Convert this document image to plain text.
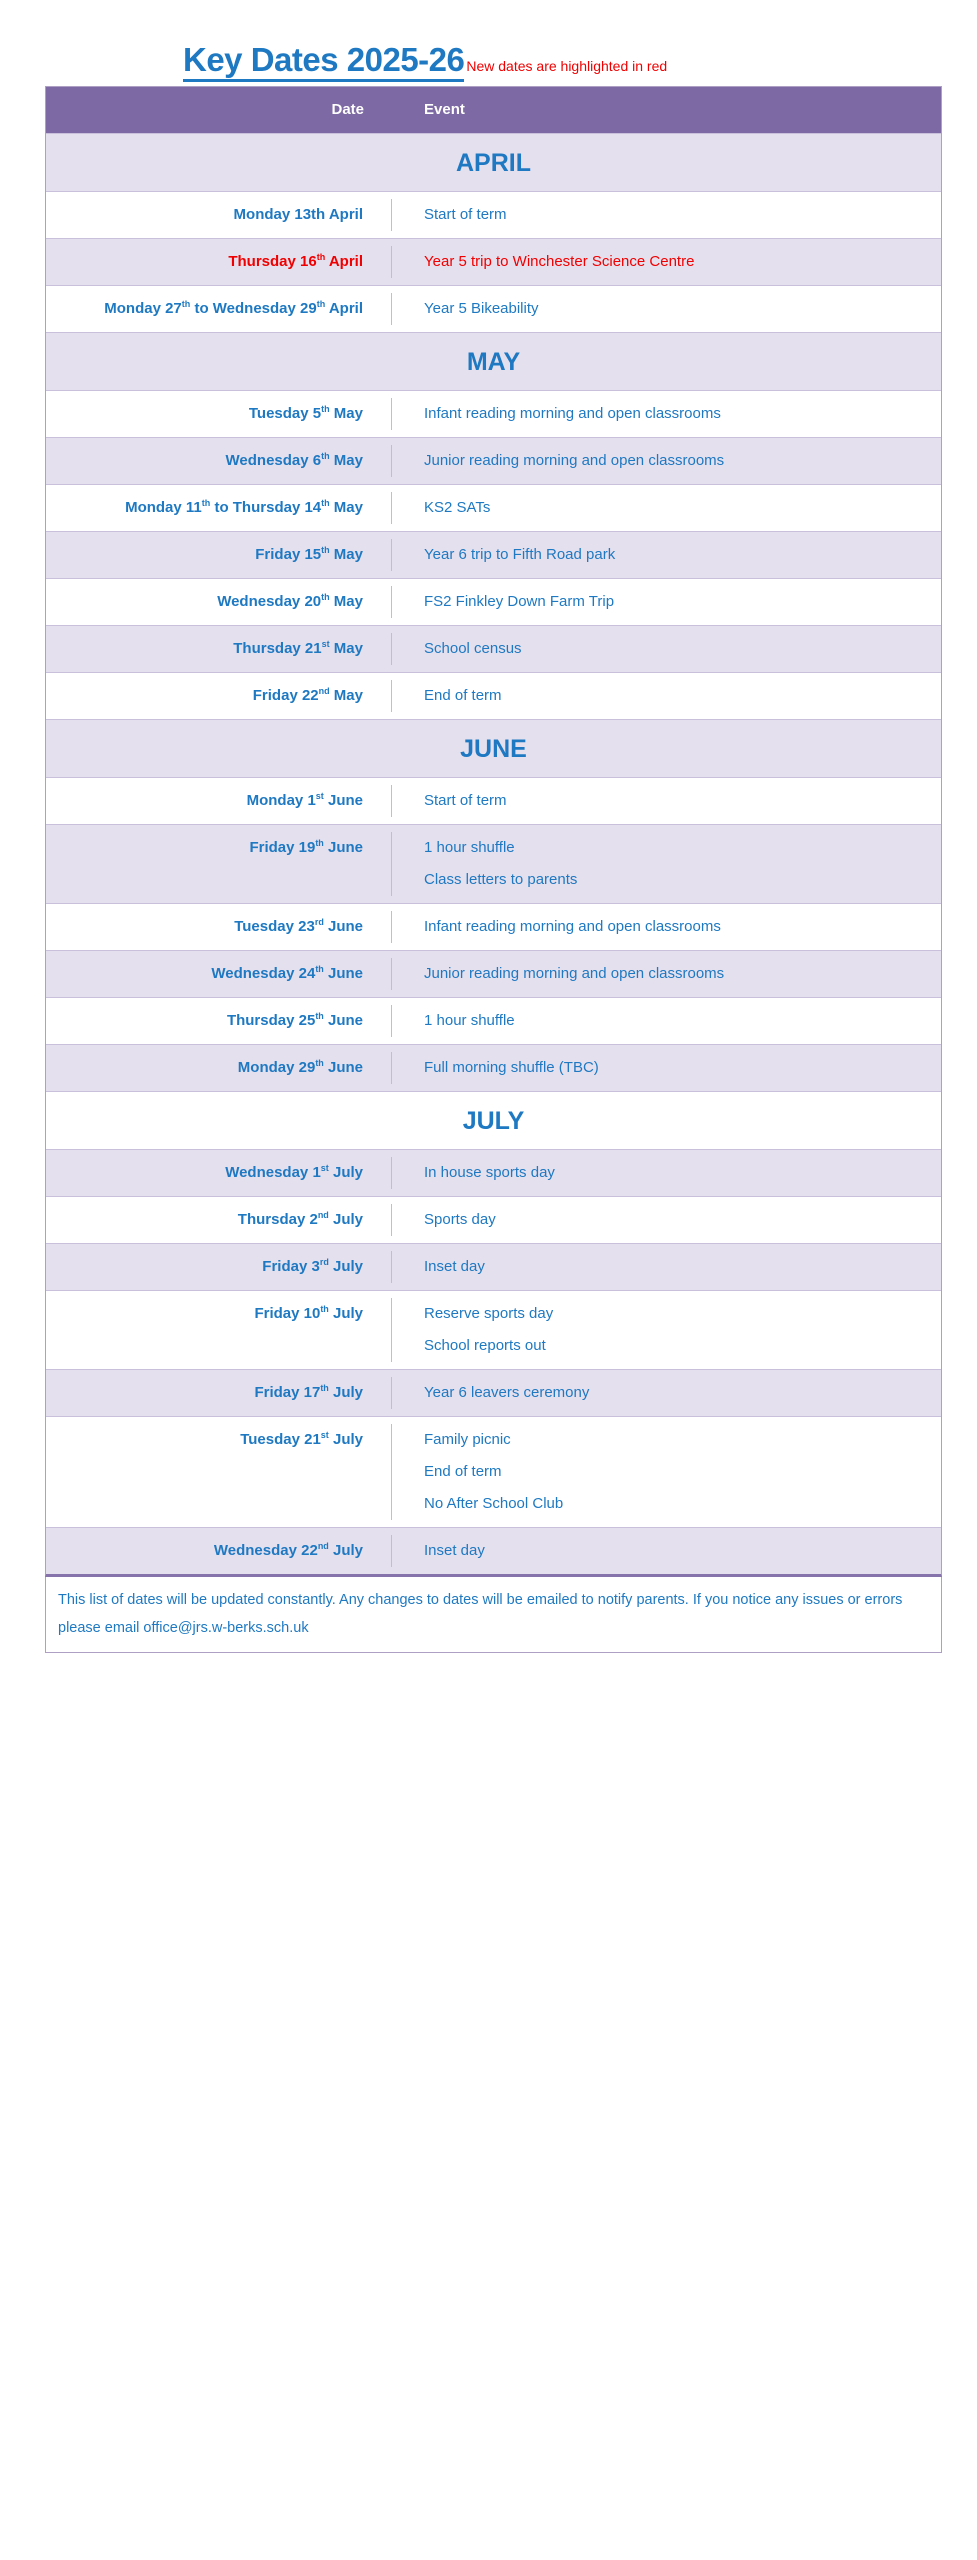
Key Dates 2025-26 New dates are highlighted in red
Date	Event
APRIL
Monday 13th April	Start of term

Thursday 16th April	Year 5 trip to Winchester Science Centre

Monday 27th to Wednesday 29th April	Year 5 Bikeability

MAY
Tuesday 5th May	Infant reading morning and open classrooms

Wednesday 6th May	Junior reading morning and open classrooms

Monday 11th to Thursday 14th May	KS2 SATs

Friday 15th May	Year 6 trip to Fifth Road park

Wednesday 20th May	FS2 Finkley Down Farm Trip

Thursday 21st May	School census

Friday 22nd May	End of term

JUNE
Monday 1st June	Start of term

Friday 19th June	1 hour shuffle

Class letters to parents

Tuesday 23rd June	Infant reading morning and open classrooms

Wednesday 24th June	Junior reading morning and open classrooms

Thursday 25th June	1 hour shuffle

Monday 29th June	Full morning shuffle (TBC)

JULY
Wednesday 1st July	In house sports day

Thursday 2nd July	Sports day

Friday 3rd July	Inset day

Friday 10th July	Reserve sports day

School reports out

Friday 17th July	Year 6 leavers ceremony

Tuesday 21st July	Family picnic

End of term

No After School Club

Wednesday 22nd July	Inset day

This list of dates will be updated constantly. Any changes to dates will be emailed to notify parents. If you notice any issues or errors please email office@jrs.w-berks.sch.uk
